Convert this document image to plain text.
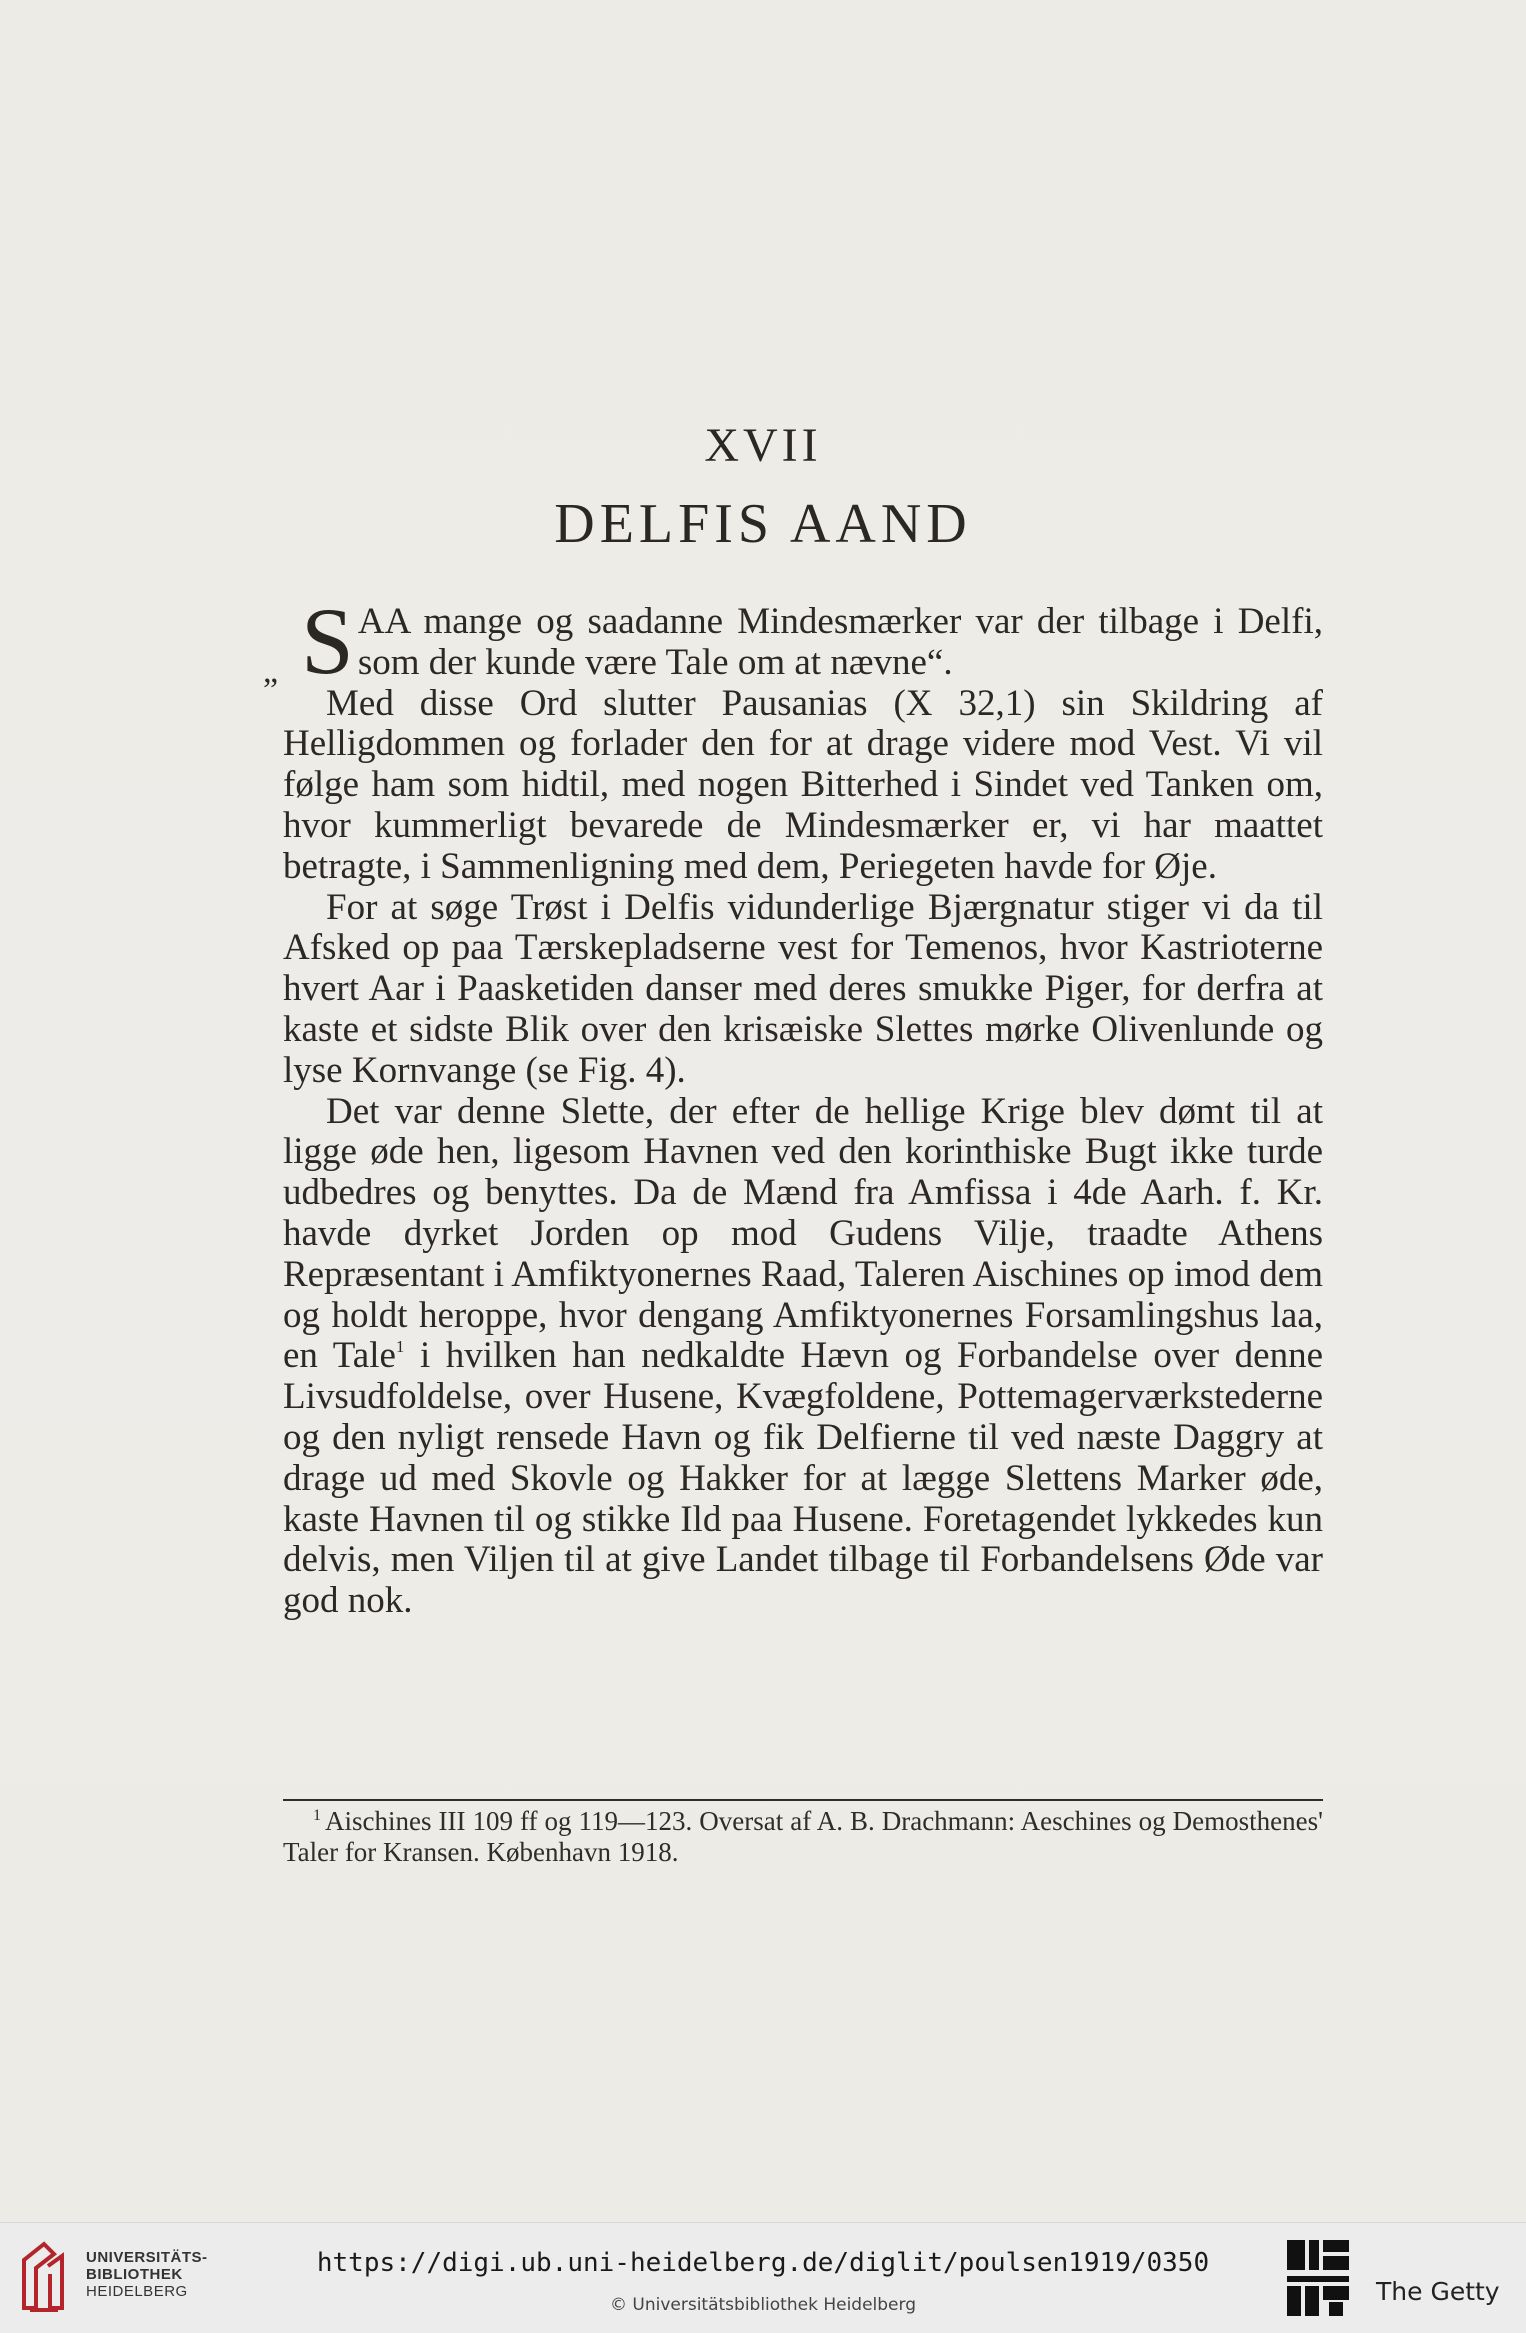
XVII
DELFIS AAND

„ S AA mange og saadanne Mindesmærker var der tilbage i Delfi, som der kunde være Tale om at nævne“.

Med disse Ord slutter Pausanias (X 32,1) sin Skildring af Helligdommen og forlader den for at drage videre mod Vest. Vi vil følge ham som hidtil, med nogen Bitterhed i Sindet ved Tanken om, hvor kummerligt bevarede de Mindesmærker er, vi har maattet betragte, i Sammenligning med dem, Periegeten havde for Øje.

For at søge Trøst i Delfis vidunderlige Bjærgnatur stiger vi da til Afsked op paa Tærskepladserne vest for Temenos, hvor Kastrioterne hvert Aar i Paasketiden danser med deres smukke Piger, for derfra at kaste et sidste Blik over den krisæiske Slettes mørke Olivenlunde og lyse Kornvange (se Fig. 4).

Det var denne Slette, der efter de hellige Krige blev dømt til at ligge øde hen, ligesom Havnen ved den korinthiske Bugt ikke turde udbedres og benyttes. Da de Mænd fra Amfissa i 4de Aarh. f. Kr. havde dyrket Jorden op mod Gudens Vilje, traadte Athens Repræsentant i Amfiktyonernes Raad, Taleren Aischines op imod dem og holdt heroppe, hvor dengang Amfiktyonernes Forsamlingshus laa, en Tale$^1$ i hvilken han nedkaldte Hævn og Forbandelse over denne Livsudfoldelse, over Husene, Kvægfoldene, Pottemagerværkstederne og den nyligt rensede Havn og fik Delfierne til ved næste Daggry at drage ud med Skovle og Hakker for at lægge Slettens Marker øde, kaste Havnen til og stikke Ild paa Husene. Foretagendet lykkedes kun delvis, men Viljen til at give Landet tilbage til Forbandelsens Øde var god nok.

$^1$ Aischines III 109 ff og 119—123. Oversat af A. B. Drachmann: Aeschines og Demosthenes' Taler for Kransen. København 1918.
UNIVERSITÄTS-
BIBLIOTHEK
HEIDELBERG
https://digi.ub.uni-heidelberg.de/diglit/poulsen1919/0350
© Universitätsbibliothek Heidelberg	The Getty
